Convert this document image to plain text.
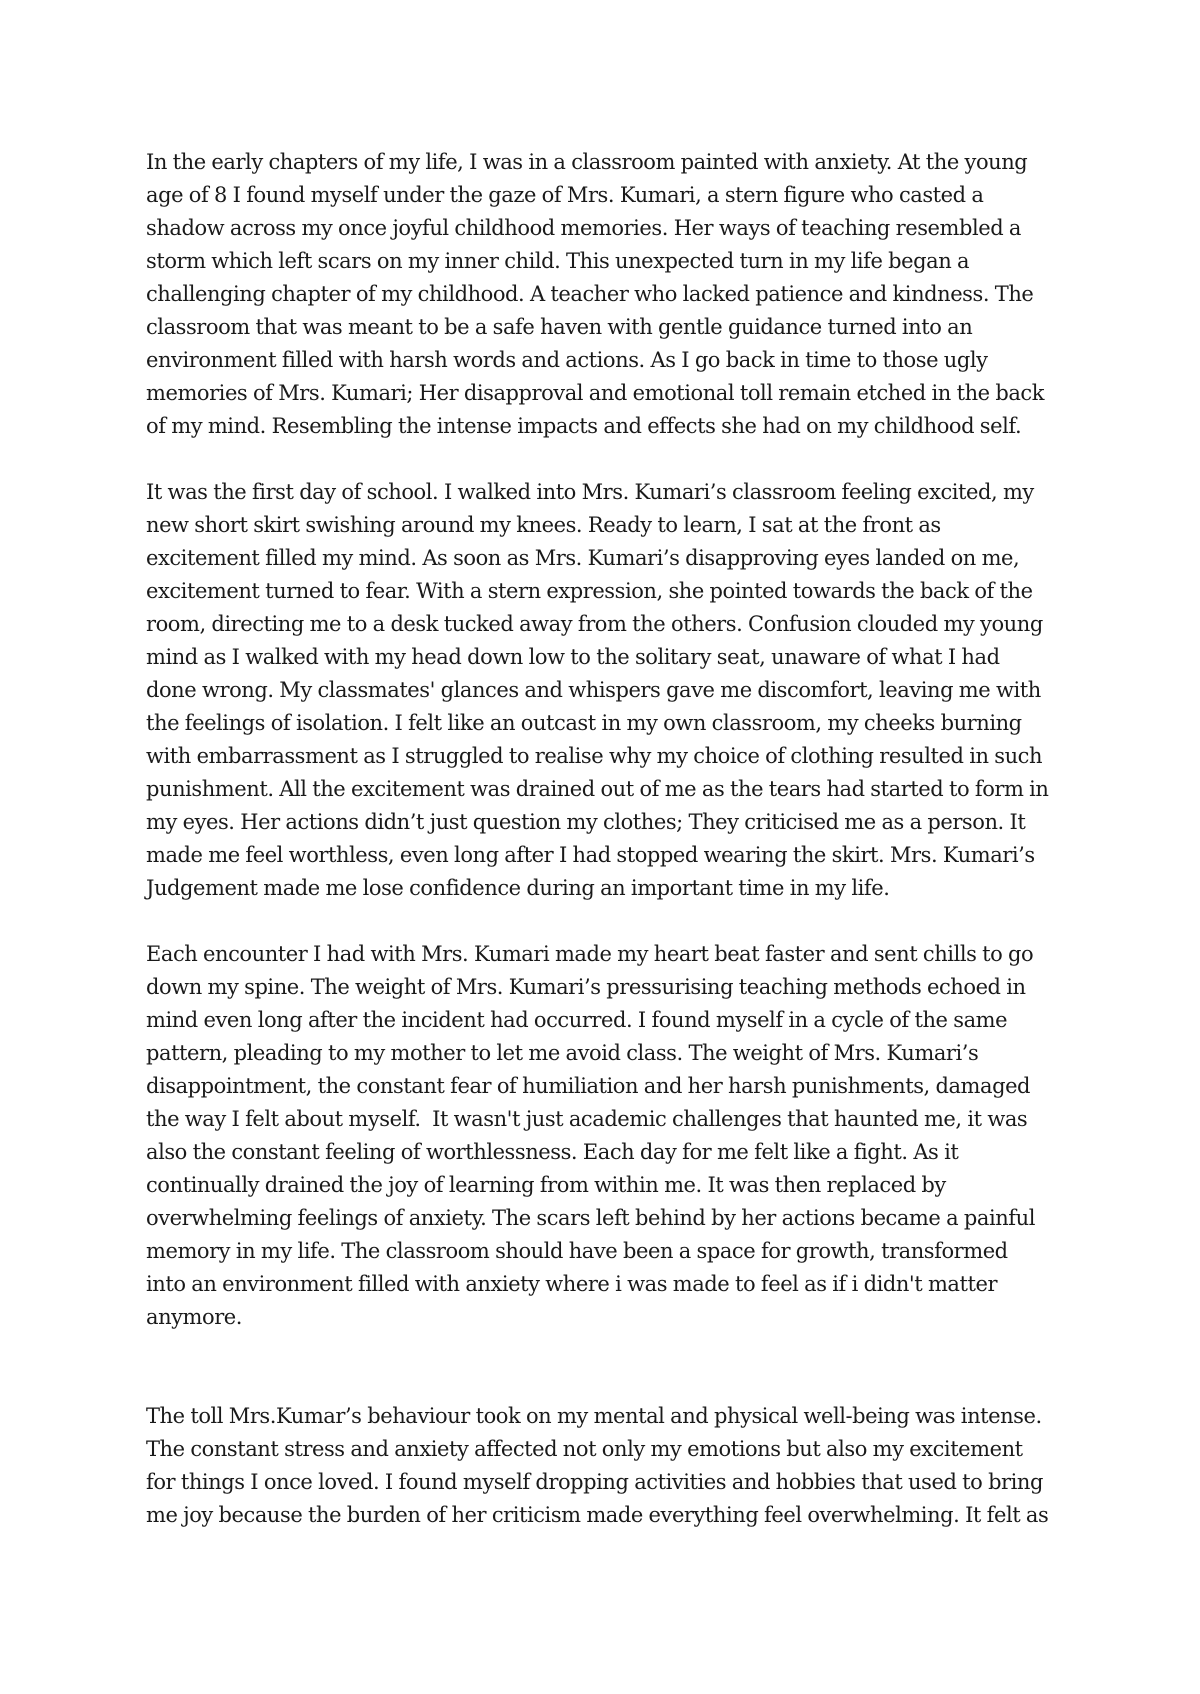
In the early chapters of my life, I was in a classroom painted with anxiety. At the young age of 8 I found myself under the gaze of Mrs. Kumari, a stern figure who casted a shadow across my once joyful childhood memories. Her ways of teaching resembled a storm which left scars on my inner child. This unexpected turn in my life began a challenging chapter of my childhood. A teacher who lacked patience and kindness. The classroom that was meant to be a safe haven with gentle guidance turned into an environment filled with harsh words and actions. As I go back in time to those ugly memories of Mrs. Kumari; Her disapproval and emotional toll remain etched in the back of my mind. Resembling the intense impacts and effects she had on my childhood self.

It was the first day of school. I walked into Mrs. Kumari’s classroom feeling excited, my new short skirt swishing around my knees. Ready to learn, I sat at the front as excitement filled my mind. As soon as Mrs. Kumari’s disapproving eyes landed on me, excitement turned to fear. With a stern expression, she pointed towards the back of the room, directing me to a desk tucked away from the others. Confusion clouded my young mind as I walked with my head down low to the solitary seat, unaware of what I had done wrong. My classmates' glances and whispers gave me discomfort, leaving me with the feelings of isolation. I felt like an outcast in my own classroom, my cheeks burning with embarrassment as I struggled to realise why my choice of clothing resulted in such punishment. All the excitement was drained out of me as the tears had started to form in my eyes. Her actions didn’t just question my clothes; They criticised me as a person. It made me feel worthless, even long after I had stopped wearing the skirt. Mrs. Kumari’s Judgement made me lose confidence during an important time in my life.

Each encounter I had with Mrs. Kumari made my heart beat faster and sent chills to go down my spine. The weight of Mrs. Kumari’s pressurising teaching methods echoed in mind even long after the incident had occurred. I found myself in a cycle of the same pattern, pleading to my mother to let me avoid class. The weight of Mrs. Kumari’s disappointment, the constant fear of humiliation and her harsh punishments, damaged the way I felt about myself.  It wasn't just academic challenges that haunted me, it was also the constant feeling of worthlessness. Each day for me felt like a fight. As it continually drained the joy of learning from within me. It was then replaced by overwhelming feelings of anxiety. The scars left behind by her actions became a painful memory in my life. The classroom should have been a space for growth, transformed into an environment filled with anxiety where i was made to feel as if i didn't matter anymore.

The toll Mrs.Kumar’s behaviour took on my mental and physical well-being was intense. The constant stress and anxiety affected not only my emotions but also my excitement for things I once loved. I found myself dropping activities and hobbies that used to bring me joy because the burden of her criticism made everything feel overwhelming. It felt as
